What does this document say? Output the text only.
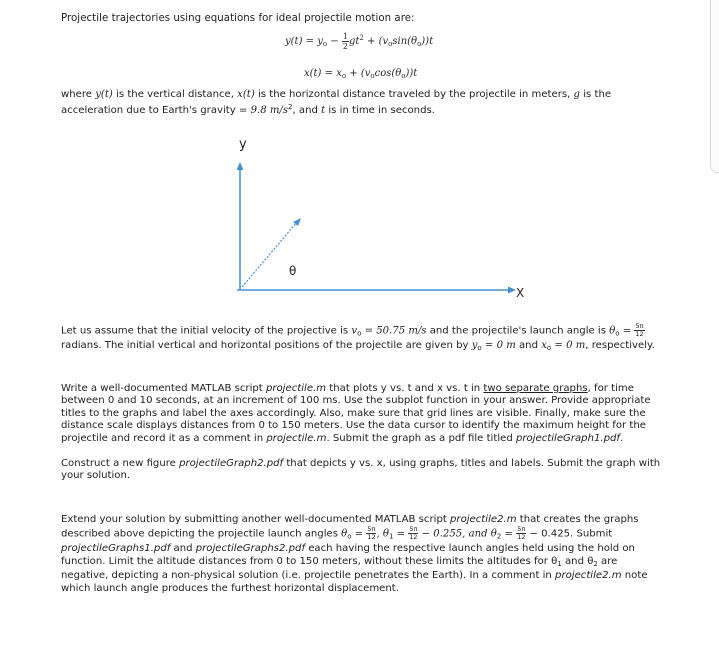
Projectile trajectories using equations for ideal projectile motion are:
$y(t) = y_o - \frac{1}{2} gt^2 + (v_o\sin(\theta_o))t$
$x(t) = x_o + (v_o\cos(\theta_o))t$
where y(t) is the vertical distance, x(t) is the horizontal distance traveled by the projectile in meters, g is the
acceleration due to Earth's gravity = 9.8 $m/s^2$, and t is in time in seconds.
y
X
θ
Let us assume that the initial velocity of the projective is $v_o = 50.75$ m/s and the projectile's launch angle is $\theta_o = \frac{5\pi}{12}$
radians. The initial vertical and horizontal positions of the projectile are given by $y_o = 0$ m and $x_o = 0$ m, respectively.
Write a well-documented MATLAB script projectile.m that plots y vs. t and x vs. t in two separate graphs, for time
between 0 and 10 seconds, at an increment of 100 ms. Use the subplot function in your answer. Provide appropriate
titles to the graphs and label the axes accordingly. Also, make sure that grid lines are visible. Finally, make sure the
distance scale displays distances from 0 to 150 meters. Use the data cursor to identify the maximum height for the
projectile and record it as a comment in projectile.m. Submit the graph as a pdf file titled projectileGraph1.pdf.
Construct a new figure projectileGraph2.pdf that depicts y vs. x, using graphs, titles and labels. Submit the graph with
your solution.
Extend your solution by submitting another well-documented MATLAB script projectile2.m that creates the graphs
described above depicting the projectile launch angles $\theta_o = \frac{5\pi}{12}$ , $\theta_1 = \frac{5\pi}{12} - 0.255$, and $\theta_2 = \frac{5\pi}{12} - 0.425$. Submit
projectileGraphs1.pdf and projectileGraphs2.pdf each having the respective launch angles held using the hold on
function. Limit the altitude distances from 0 to 150 meters, without these limits the altitudes for $\theta_1$ and $\theta_2$ are
negative, depicting a non-physical solution (i.e. projectile penetrates the Earth). In a comment in projectile2.m note
which launch angle produces the furthest horizontal displacement.
